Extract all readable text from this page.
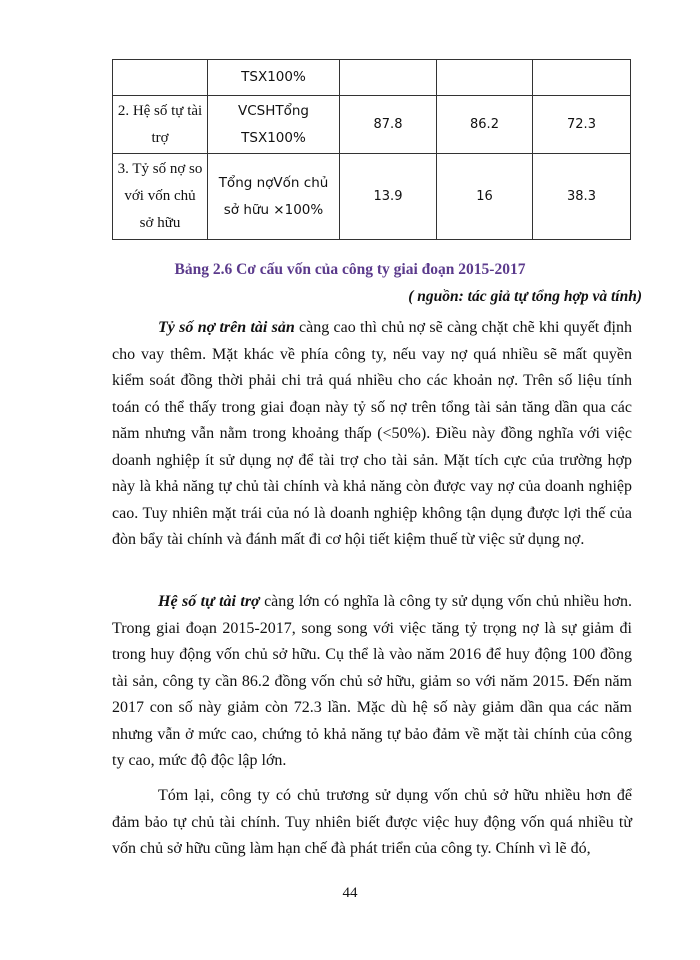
	TSX100%			
2. Hệ số tự tài trợ	VCSHTổng TSX100%	87.8	86.2	72.3
3. Tỷ số nợ so với vốn chủ sở hữu	Tổng nợVốn chủ sở hữu ×100%	13.9	16	38.3
Bảng 2.6 Cơ cấu vốn của công ty giai đoạn 2015-2017
( nguồn: tác giả tự tổng hợp và tính)

Tỷ số nợ trên tài sản càng cao thì chủ nợ sẽ càng chặt chẽ khi quyết định cho vay thêm. Mặt khác về phía công ty, nếu vay nợ quá nhiều sẽ mất quyền kiểm soát đồng thời phải chi trả quá nhiều cho các khoản nợ. Trên số liệu tính toán có thể thấy trong giai đoạn này tỷ số nợ trên tổng tài sản tăng dần qua các năm nhưng vẫn nằm trong khoảng thấp (<50%). Điều này đồng nghĩa với việc doanh nghiệp ít sử dụng nợ để tài trợ cho tài sản. Mặt tích cực của trường hợp này là khả năng tự chủ tài chính và khả năng còn được vay nợ của doanh nghiệp cao. Tuy nhiên mặt trái của nó là doanh nghiệp không tận dụng được lợi thế của đòn bẩy tài chính và đánh mất đi cơ hội tiết kiệm thuế từ việc sử dụng nợ.

Hệ số tự tài trợ càng lớn có nghĩa là công ty sử dụng vốn chủ nhiều hơn. Trong giai đoạn 2015-2017, song song với việc tăng tỷ trọng nợ là sự giảm đi trong huy động vốn chủ sở hữu. Cụ thể là vào năm 2016 để huy động 100 đồng tài sản, công ty cần 86.2 đồng vốn chủ sở hữu, giảm so với năm 2015. Đến năm 2017 con số này giảm còn 72.3 lần. Mặc dù hệ số này giảm dần qua các năm nhưng vẫn ở mức cao, chứng tỏ khả năng tự bảo đảm về mặt tài chính của công ty cao, mức độ độc lập lớn.

Tóm lại, công ty có chủ trương sử dụng vốn chủ sở hữu nhiều hơn để đảm bảo tự chủ tài chính. Tuy nhiên biết được việc huy động vốn quá nhiều từ vốn chủ sở hữu cũng làm hạn chế đà phát triển của công ty. Chính vì lẽ đó,

44
